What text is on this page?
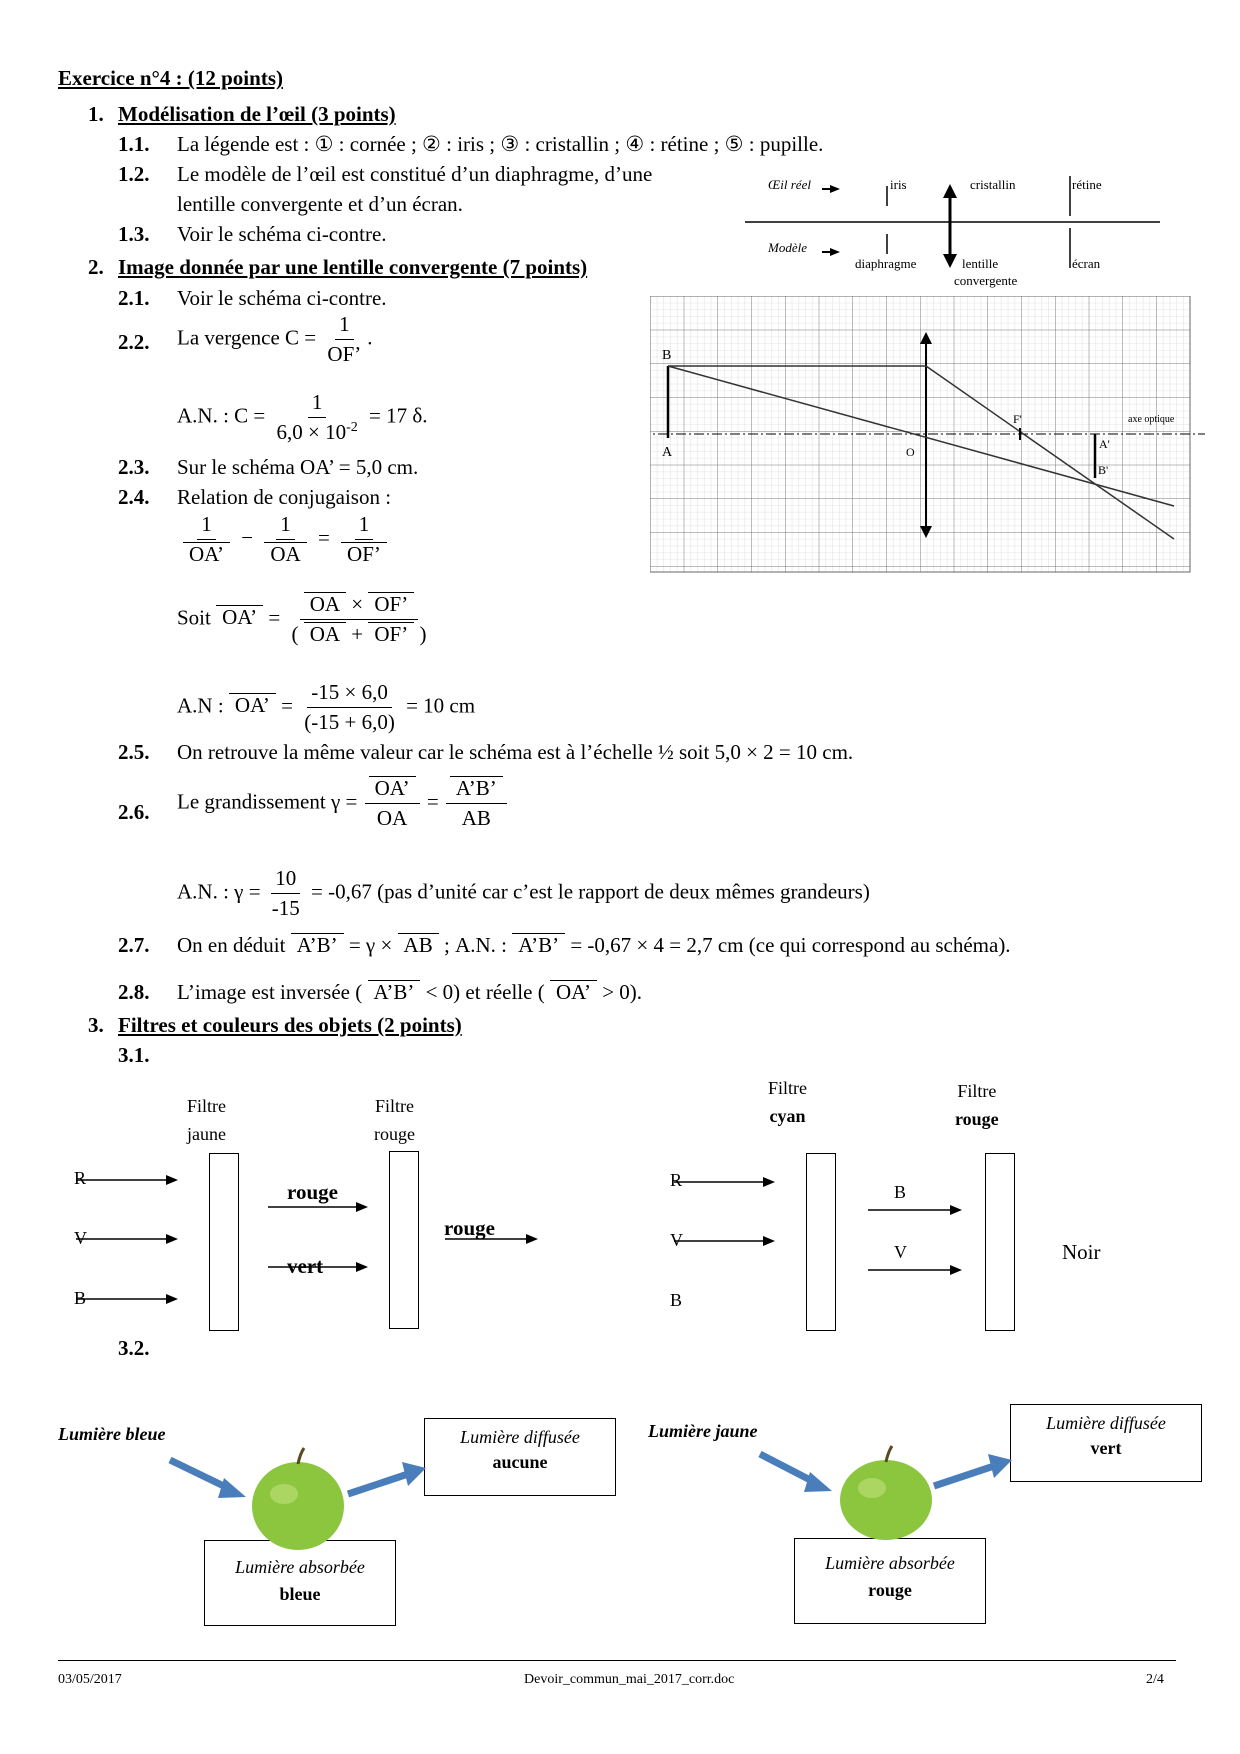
Exercice n°4 : (12 points)
1. Modélisation de l’œil (3 points)
1.1. La légende est : ① : cornée ; ② : iris ; ③ : cristallin ; ④ : rétine ; ⑤ : pupille.
1.2. Le modèle de l’œil est constitué d’un diaphragme, d’une
lentille convergente et d’un écran.
1.3. Voir le schéma ci-contre.
Œil réel	iris	cristallin	rétine
Modèle
diaphragme	lentille
convergente
écran
2. Image donnée par une lentille convergente (7 points)
2.1. Voir le schéma ci-contre.
2.2. La vergence $C = \frac{1}{OF’}$ .
A.N. : $C = \frac{1}{6,0 \times 10^{-2}} = 17$ δ.
2.3. Sur le schéma OA’ = 5,0 cm.
2.4. Relation de conjugaison :
$\frac{1}{OA’} - \frac{1}{OA} = \frac{1}{OF’}$
Soit OA’ = $\frac{OA \times OF’}{( OA + OF’ )}$
A.N : OA’ = $\frac{-15 \times 6,0}{(-15 + 6,0)} = 10$ cm
2.5. On retrouve la même valeur car le schéma est à l’échelle ½ soit 5,0 × 2 = 10 cm.
2.6. Le grandissement $\gamma = \frac{OA’}{OA} = \frac{A’B’}{AB}$
A.N. : $\gamma = \frac{10}{-15} = -0,67$ (pas d’unité car c’est le rapport de deux mêmes grandeurs)
2.7. On en déduit A’B’ = γ × AB ; A.N. : A’B’ = -0,67 × 4 = 2,7 cm (ce qui correspond au schéma).
2.8. L’image est inversée ( A’B’ < 0) et réelle ( OA’ > 0).
B
A	O
F'
A'
B'
axe optique
3. Filtres et couleurs des objets (2 points)
3.1.
Filtre
jaune
Filtre
rouge
R
V
B
rouge
vert
rouge
Filtre
cyan
Filtre
rouge
R
V
B
B
V	Noir
3.2.
Lumière bleue	Lumière diffusée
aucune
Lumière absorbée
bleue
Lumière jaune	Lumière diffusée
vert
Lumière absorbée
rouge
03/05/2017	Devoir_commun_mai_2017_corr.doc	2/4
